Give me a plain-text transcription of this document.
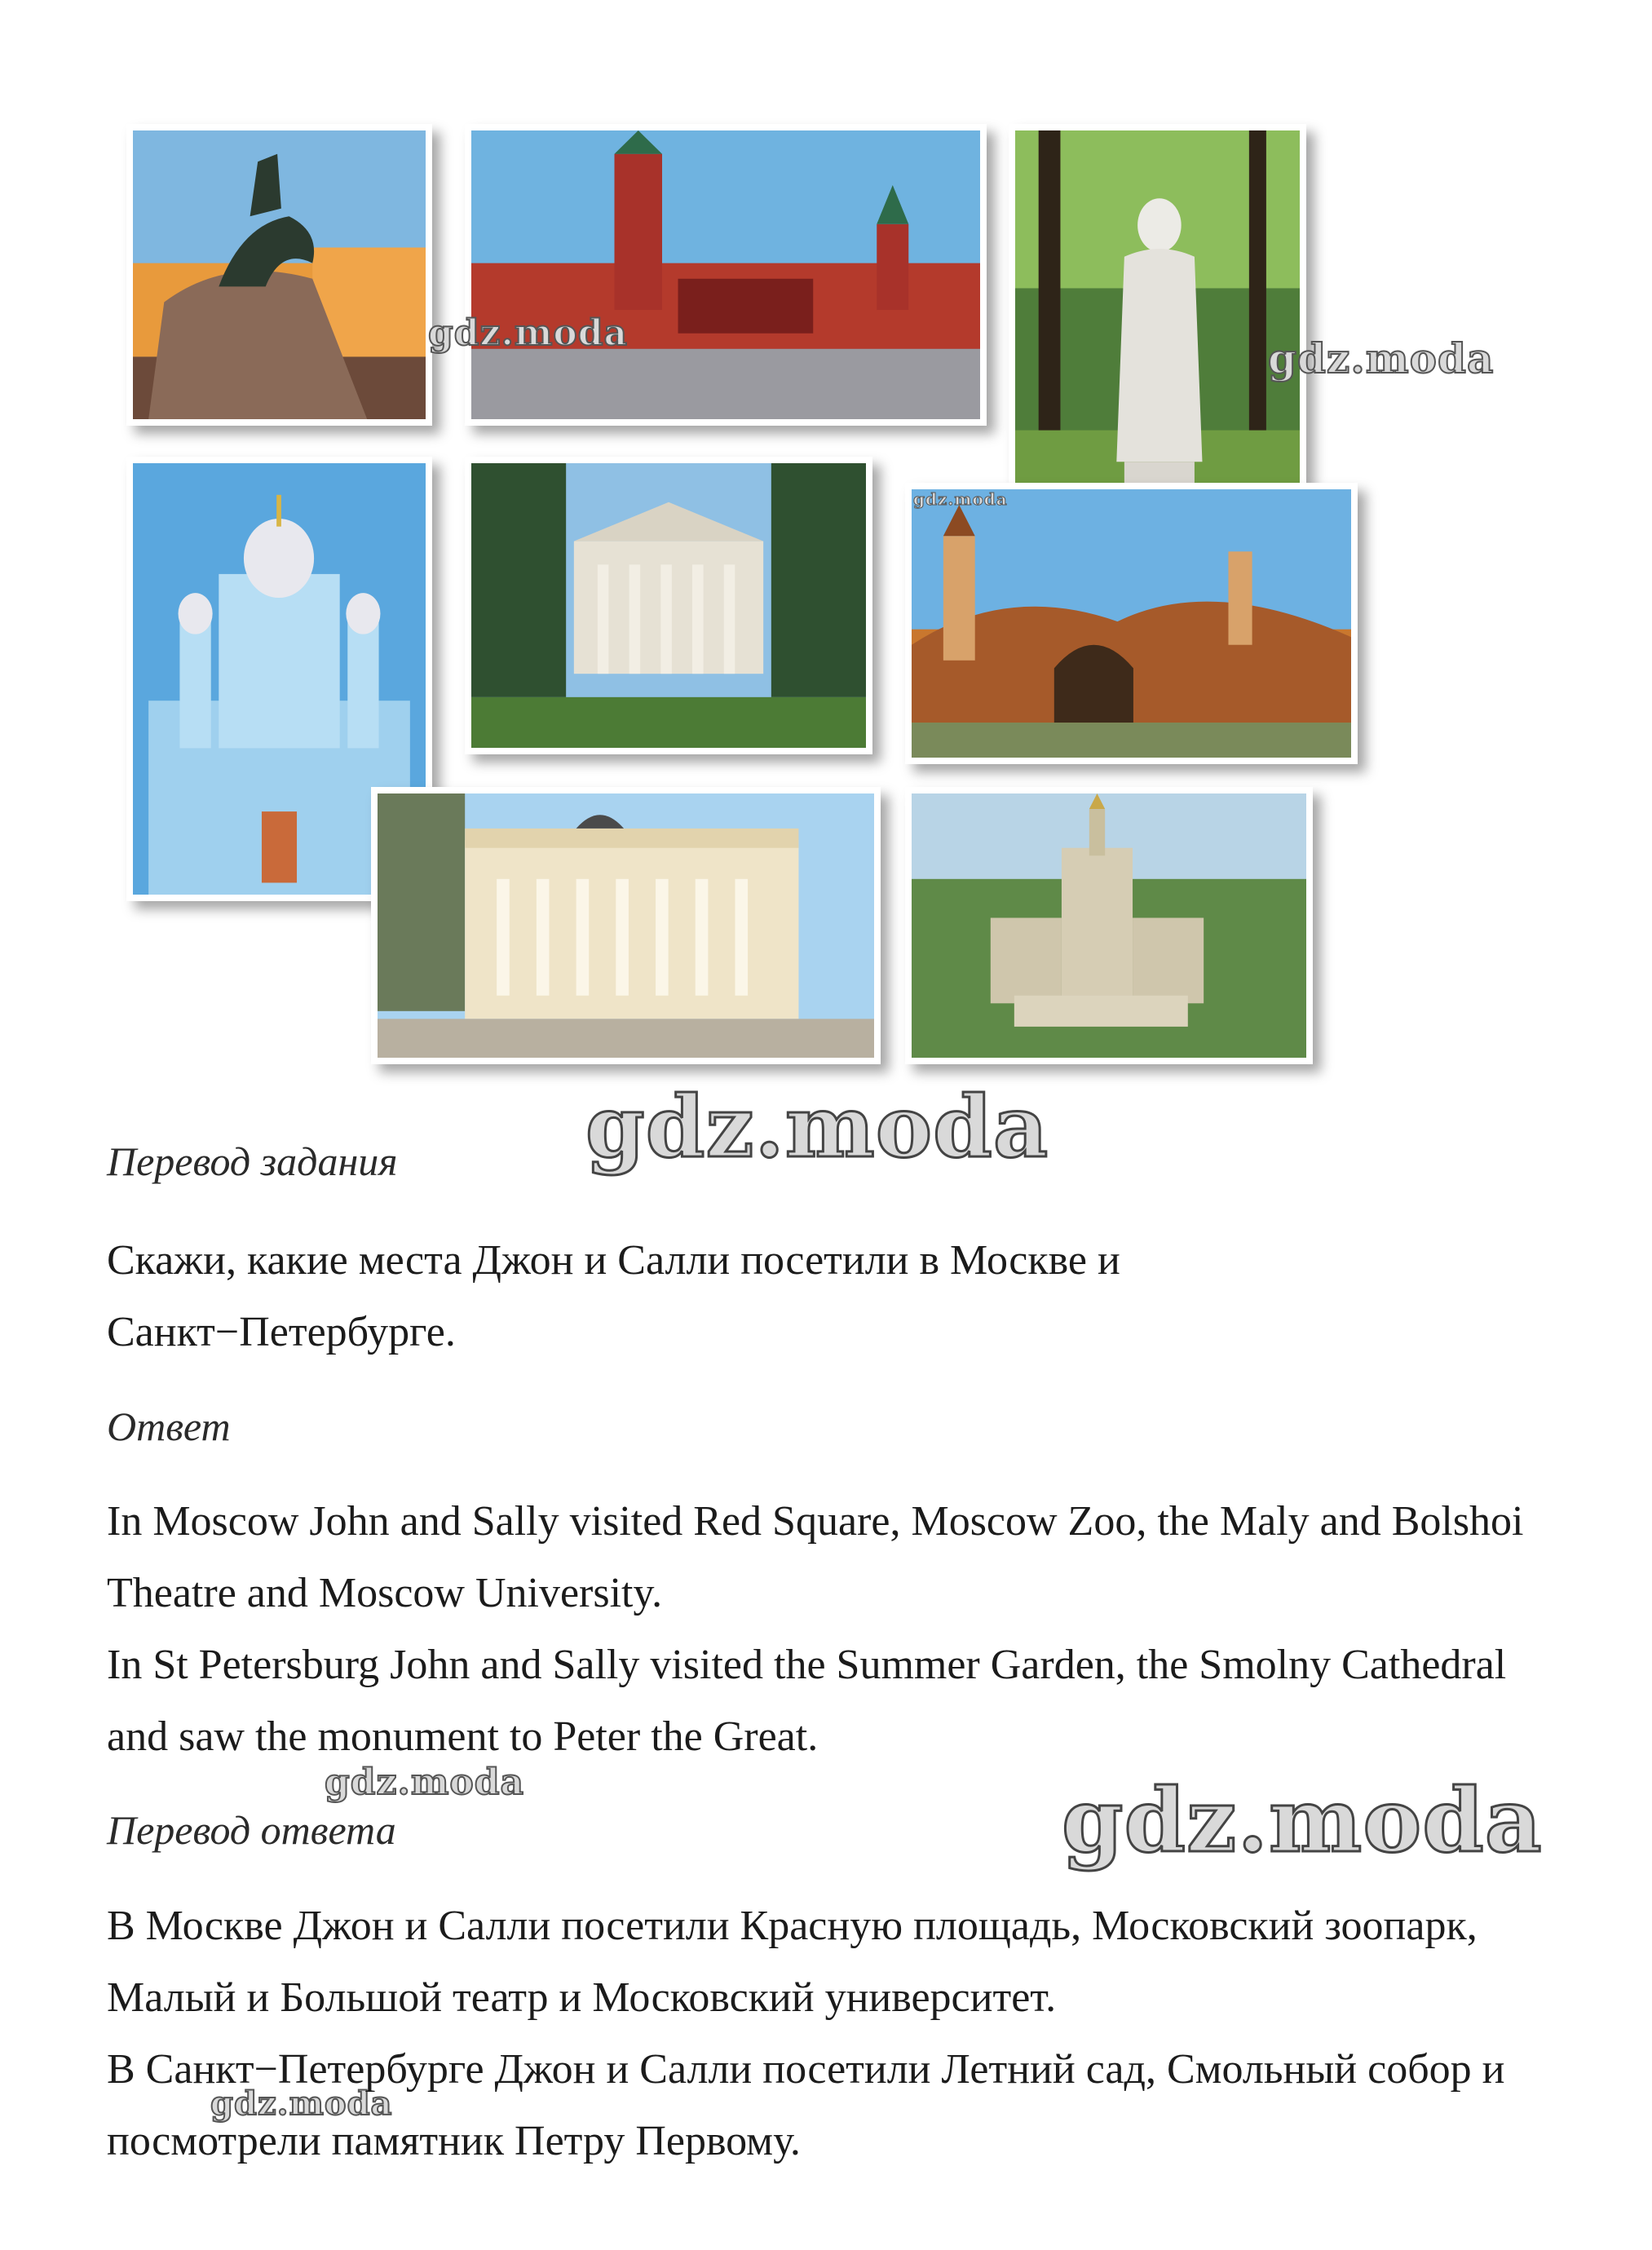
gdz.moda
gdz.moda
gdz.moda
gdz.moda
gdz.moda	gdz.moda
gdz.moda
Перевод задания

Скажи, какие места Джон и Салли посетили в Москве и Санкт−Петербурге.

Ответ

In Moscow John and Sally visited Red Square, Moscow Zoo, the Maly and Bolshoi Theatre and Moscow University.

In St Petersburg John and Sally visited the Summer Garden, the Smolny Cathedral and saw the monument to Peter the Great.

Перевод ответа

В Москве Джон и Салли посетили Красную площадь, Московский зоопарк, Малый и Большой театр и Московский университет.

В Санкт−Петербурге Джон и Салли посетили Летний сад, Смольный собор и посмотрели памятник Петру Первому.
